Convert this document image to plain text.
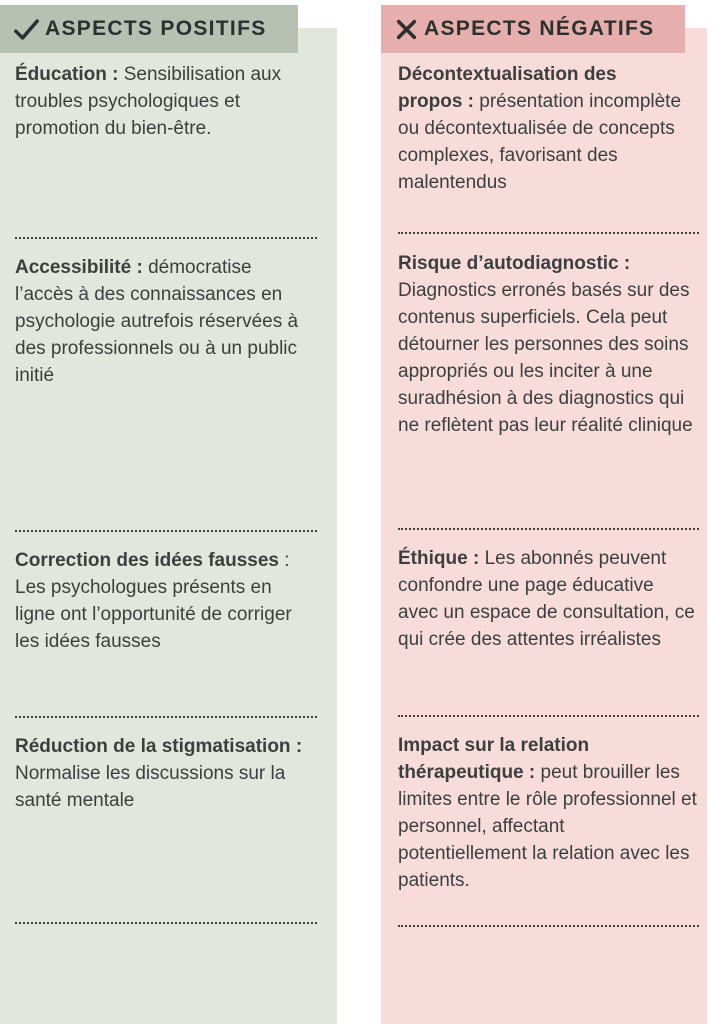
ASPECTS POSITIFS	ASPECTS NÉGATIFS

Éducation : Sensibilisation aux troubles psychologiques et promotion du bien-être.

Accessibilité : démocratise l’accès à des connaissances en psychologie autrefois réservées à des professionnels ou à un public initié

Correction des idées fausses : Les psychologues présents en ligne ont l’opportunité de corriger les idées fausses

Réduction de la stigmatisation : Normalise les discussions sur la santé mentale

Décontextualisation des propos : présentation incomplète ou décontextualisée de concepts complexes, favorisant des malentendus

Risque d’autodiagnostic : Diagnostics erronés basés sur des contenus superficiels. Cela peut détourner les personnes des soins appropriés ou les inciter à une suradhésion à des diagnostics qui ne reflètent pas leur réalité clinique

Éthique : Les abonnés peuvent confondre une page éducative avec un espace de consultation, ce qui crée des attentes irréalistes

Impact sur la relation thérapeutique : peut brouiller les limites entre le rôle professionnel et personnel, affectant potentiellement la relation avec les patients.
